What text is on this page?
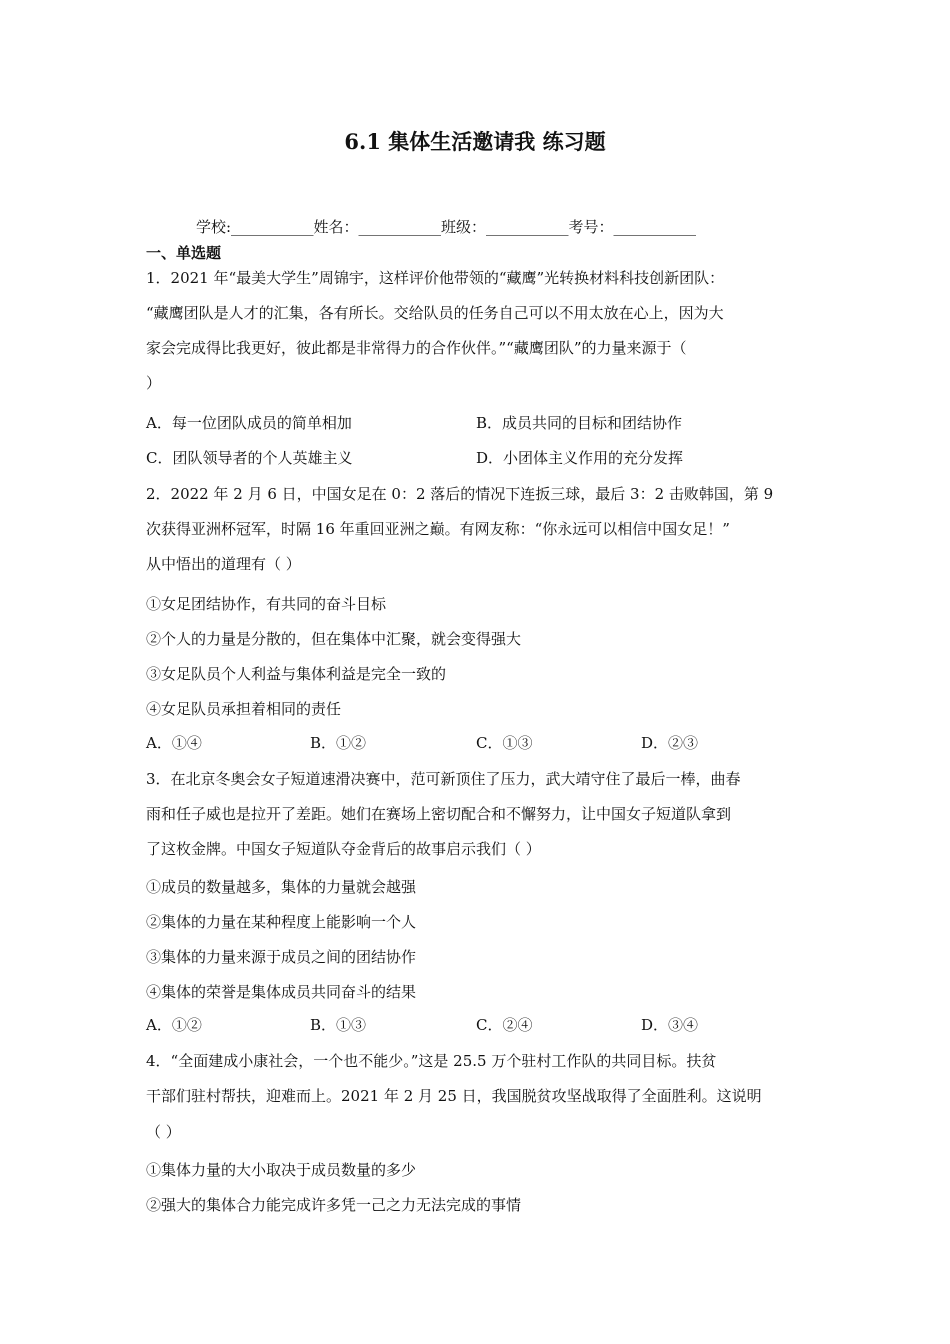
6.1 集体生活邀请我 练习题
学校:___________姓名：___________班级：___________考号：___________
一、单选题
1．2021 年“最美大学生”周锦宇，这样评价他带领的“藏鹰”光转换材料科技创新团队：
“藏鹰团队是人才的汇集，各有所长。交给队员的任务自己可以不用太放在心上，因为大
家会完成得比我更好，彼此都是非常得力的合作伙伴。”“藏鹰团队”的力量来源于（
）
A．每一位团队成员的简单相加	B．成员共同的目标和团结协作
C．团队领导者的个人英雄主义	D．小团体主义作用的充分发挥
2．2022 年 2 月 6 日，中国女足在 0：2 落后的情况下连扳三球，最后 3：2 击败韩国，第 9
次获得亚洲杯冠军，时隔 16 年重回亚洲之巅。有网友称：“你永远可以相信中国女足！”
从中悟出的道理有（ ）
①女足团结协作，有共同的奋斗目标
②个人的力量是分散的，但在集体中汇聚，就会变得强大
③女足队员个人利益与集体利益是完全一致的
④女足队员承担着相同的责任
A．①④	B．①②	C．①③	D．②③
3．在北京冬奥会女子短道速滑决赛中，范可新顶住了压力，武大靖守住了最后一棒，曲春
雨和任子威也是拉开了差距。她们在赛场上密切配合和不懈努力，让中国女子短道队拿到
了这枚金牌。中国女子短道队夺金背后的故事启示我们（ ）
①成员的数量越多，集体的力量就会越强
②集体的力量在某种程度上能影响一个人
③集体的力量来源于成员之间的团结协作
④集体的荣誉是集体成员共同奋斗的结果
A．①②	B．①③	C．②④	D．③④
4．“全面建成小康社会，一个也不能少。”这是 25.5 万个驻村工作队的共同目标。扶贫
干部们驻村帮扶，迎难而上。2021 年 2 月 25 日，我国脱贫攻坚战取得了全面胜利。这说明
（ ）
①集体力量的大小取决于成员数量的多少
②强大的集体合力能完成许多凭一己之力无法完成的事情
